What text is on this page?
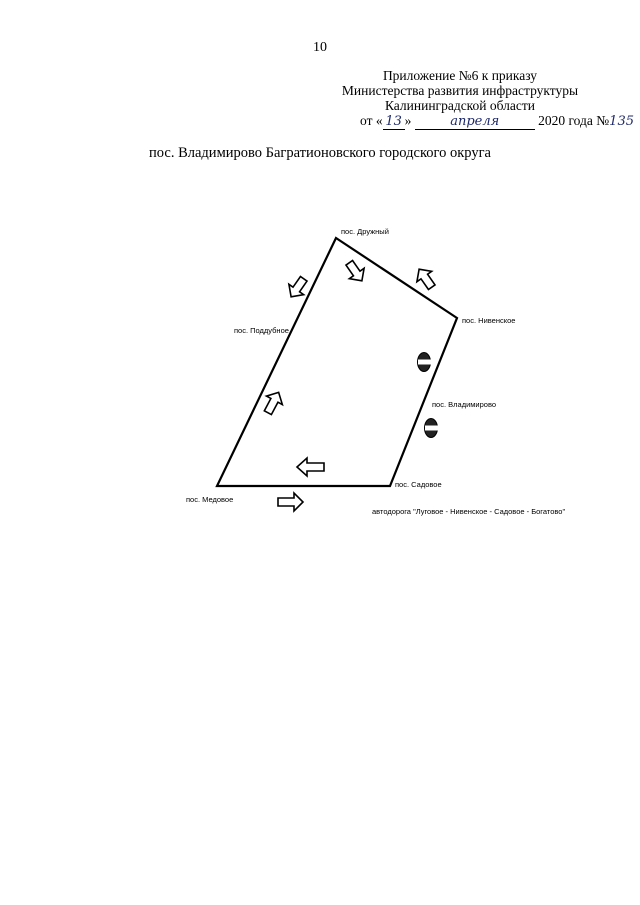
10
Приложение №6 к приказу
Министерства развития инфраструктуры
Калининградской области
от « 13 »	апреля	2020 года №135
пос. Владимирово Багратионовского городского округа
пос. Дружный
пос. Нивенское
пос. Поддубное
пос. Владимирово
пос. Садовое
пос. Медовое
автодорога "Луговое - Нивенское - Садовое - Богатово"
